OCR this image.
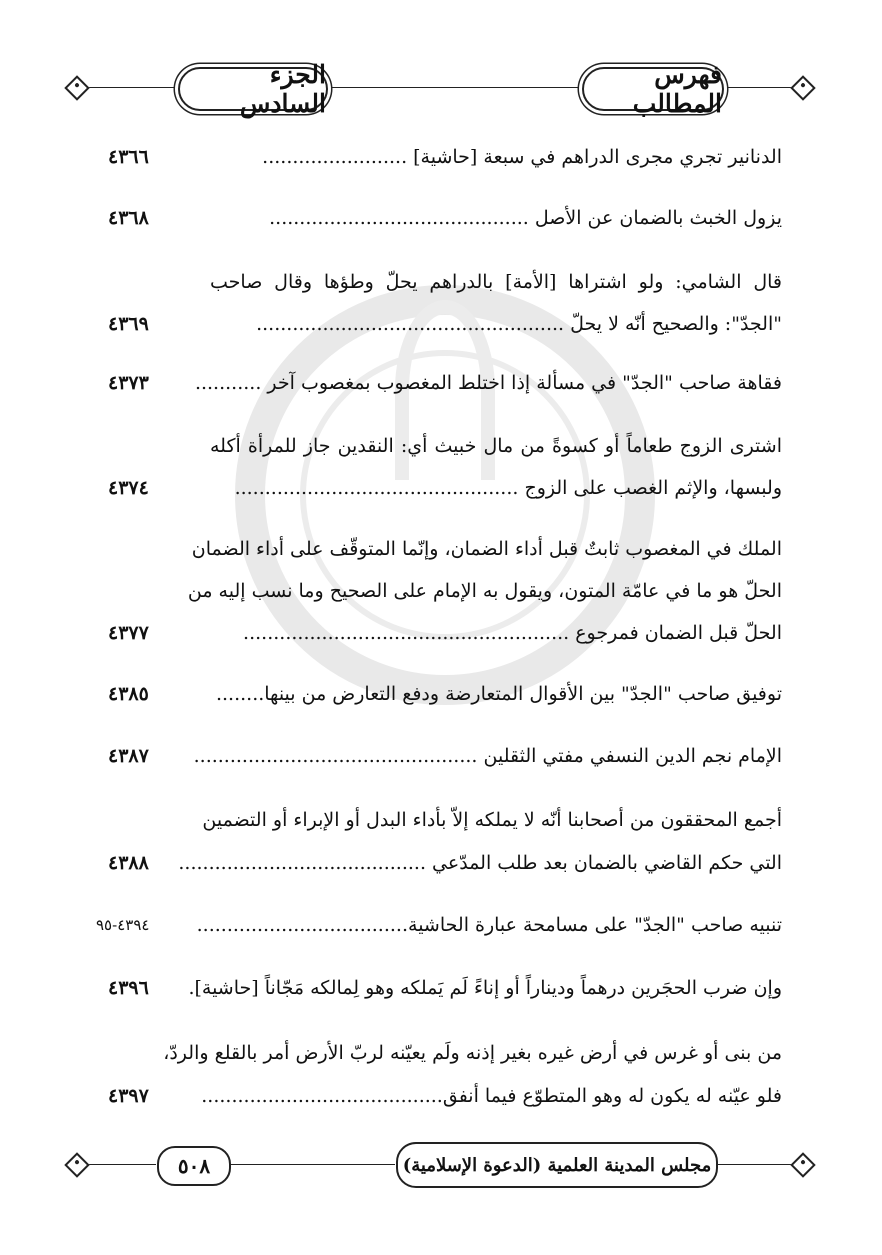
الجزء السادس
فهرس المطالب
الدنانير تجري مجرى الدراهم في سبعة [حاشية] ........................
٤٣٦٦
يزول الخبث بالضمان عن الأصل ...........................................
٤٣٦٨
قال الشامي: ولو اشتراها [الأمة] بالدراهم يحلّ وطؤها وقال صاحب
"الجدّ": والصحيح أنّه لا يحلّ ...................................................
٤٣٦٩
فقاهة صاحب "الجدّ" في مسألة إذا اختلط المغصوب بمغصوب آخر ...........
٤٣٧٣
اشترى الزوج طعاماً أو كسوةً من مال خبيث أي: النقدين جاز للمرأة أكله
ولبسها، والإثم الغصب على الزوج ...............................................
٤٣٧٤
الملك في المغصوب ثابتٌ قبل أداء الضمان، وإنّما المتوقّف على أداء الضمان
الحلّ هو ما في عامّة المتون، ويقول به الإمام على الصحيح وما نسب إليه من
الحلّ قبل الضمان فمرجوع ......................................................
٤٣٧٧
توفيق صاحب "الجدّ" بين الأقوال المتعارضة ودفع التعارض من بينها........
٤٣٨٥
الإمام نجم الدين النسفي مفتي الثقلين ...............................................
٤٣٨٧
أجمع المحققون من أصحابنا أنّه لا يملكه إلاّ بأداء البدل أو الإبراء أو التضمين
التي حكم القاضي بالضمان بعد طلب المدّعي .........................................
٤٣٨٨
تنبيه صاحب "الجدّ" على مسامحة عبارة الحاشية...................................
٤٣٩٤-٩٥
وإن ضرب الحجَرين درهماً وديناراً أو إناءً لَم يَملكه وهو لِمالكه مَجّاناً [حاشية].
٤٣٩٦
من بنى أو غرس في أرض غيره بغير إذنه ولَم يعيّنه لربّ الأرض أمر بالقلع والردّ،
فلو عيّنه له يكون له وهو المتطوّع فيما أنفق........................................
٤٣٩٧
٥٠٨	مجلس المدينة العلمية (الدعوة الإسلامية)
